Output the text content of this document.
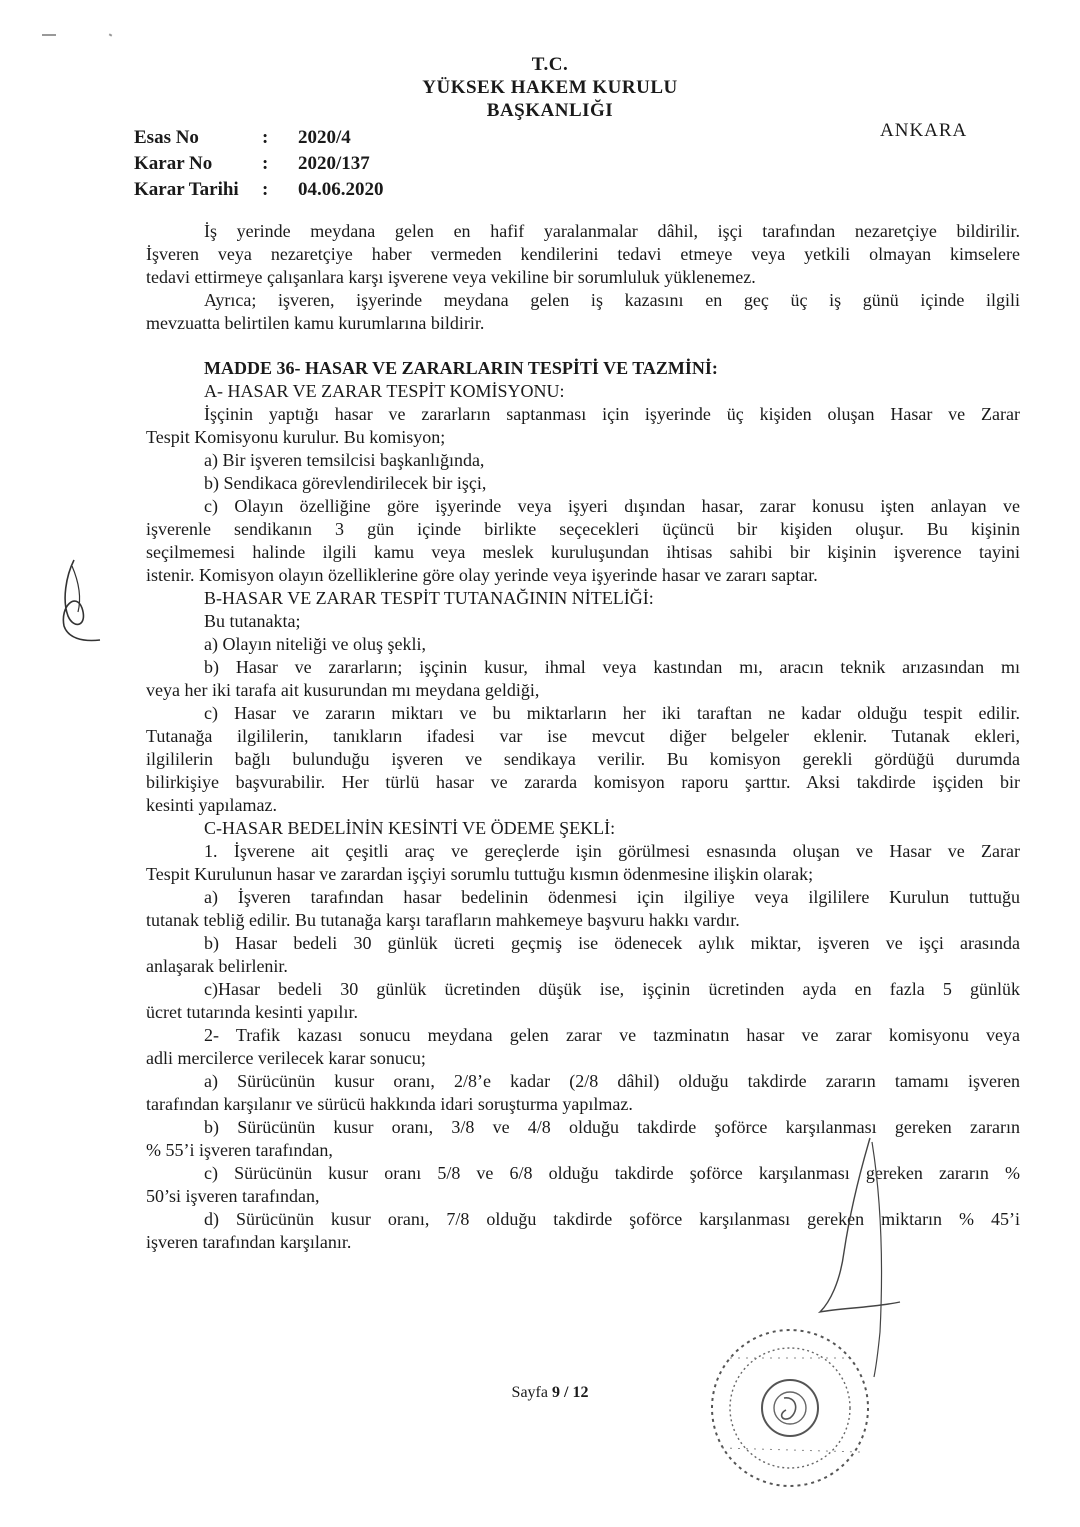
T.C.
YÜKSEK HAKEM KURULU
BAŞKANLIĞI
Esas No	:	2020/4
Karar No	:	2020/137
Karar Tarihi	:	04.06.2020
ANKARA
İş yerinde meydana gelen en hafif yaralanmalar dâhil, işçi tarafından nezaretçiye bildirilir.
İşveren veya nezaretçiye haber vermeden kendilerini tedavi etmeye veya yetkili olmayan kimselere
tedavi ettirmeye çalışanlara karşı işverene veya vekiline bir sorumluluk yüklenemez.
Ayrıca; işveren, işyerinde meydana gelen iş kazasını en geç üç iş günü içinde ilgili
mevzuatta belirtilen kamu kurumlarına bildirir.
MADDE 36- HASAR VE ZARARLARIN TESPİTİ VE TAZMİNİ:
A- HASAR VE ZARAR TESPİT KOMİSYONU:
İşçinin yaptığı hasar ve zararların saptanması için işyerinde üç kişiden oluşan Hasar ve Zarar
Tespit Komisyonu kurulur. Bu komisyon;
a) Bir işveren temsilcisi başkanlığında,
b) Sendikaca görevlendirilecek bir işçi,
c) Olayın özelliğine göre işyerinde veya işyeri dışından hasar, zarar konusu işten anlayan ve
işverenle sendikanın 3 gün içinde birlikte seçecekleri üçüncü bir kişiden oluşur. Bu kişinin
seçilmemesi halinde ilgili kamu veya meslek kuruluşundan ihtisas sahibi bir kişinin işverence tayini
istenir. Komisyon olayın özelliklerine göre olay yerinde veya işyerinde hasar ve zararı saptar.
B-HASAR VE ZARAR TESPİT TUTANAĞININ NİTELİĞİ:
Bu tutanakta;
a) Olayın niteliği ve oluş şekli,
b) Hasar ve zararların; işçinin kusur, ihmal veya kastından mı, aracın teknik arızasından mı
veya her iki tarafa ait kusurundan mı meydana geldiği,
c) Hasar ve zararın miktarı ve bu miktarların her iki taraftan ne kadar olduğu tespit edilir.
Tutanağa ilgililerin, tanıkların ifadesi var ise mevcut diğer belgeler eklenir. Tutanak ekleri,
ilgililerin bağlı bulunduğu işveren ve sendikaya verilir. Bu komisyon gerekli gördüğü durumda
bilirkişiye başvurabilir. Her türlü hasar ve zararda komisyon raporu şarttır. Aksi takdirde işçiden bir
kesinti yapılamaz.
C-HASAR BEDELİNİN KESİNTİ VE ÖDEME ŞEKLİ:
1. İşverene ait çeşitli araç ve gereçlerde işin görülmesi esnasında oluşan ve Hasar ve Zarar
Tespit Kurulunun hasar ve zarardan işçiyi sorumlu tuttuğu kısmın ödenmesine ilişkin olarak;
a) İşveren tarafından hasar bedelinin ödenmesi için ilgiliye veya ilgililere Kurulun tuttuğu
tutanak tebliğ edilir. Bu tutanağa karşı tarafların mahkemeye başvuru hakkı vardır.
b) Hasar bedeli 30 günlük ücreti geçmiş ise ödenecek aylık miktar, işveren ve işçi arasında
anlaşarak belirlenir.
c)Hasar bedeli 30 günlük ücretinden düşük ise, işçinin ücretinden ayda en fazla 5 günlük
ücret tutarında kesinti yapılır.
2- Trafik kazası sonucu meydana gelen zarar ve tazminatın hasar ve zarar komisyonu veya
adli mercilerce verilecek karar sonucu;
a) Sürücünün kusur oranı, 2/8’e kadar (2/8 dâhil) olduğu takdirde zararın tamamı işveren
tarafından karşılanır ve sürücü hakkında idari soruşturma yapılmaz.
b) Sürücünün kusur oranı, 3/8 ve 4/8 olduğu takdirde şoförce karşılanması gereken zararın
% 55’i işveren tarafından,
c) Sürücünün kusur oranı 5/8 ve 6/8 olduğu takdirde şoförce karşılanması gereken zararın %
50’si işveren tarafından,
d) Sürücünün kusur oranı, 7/8 olduğu takdirde şoförce karşılanması gereken miktarın % 45’i
işveren tarafından karşılanır.
Sayfa 9 / 12
